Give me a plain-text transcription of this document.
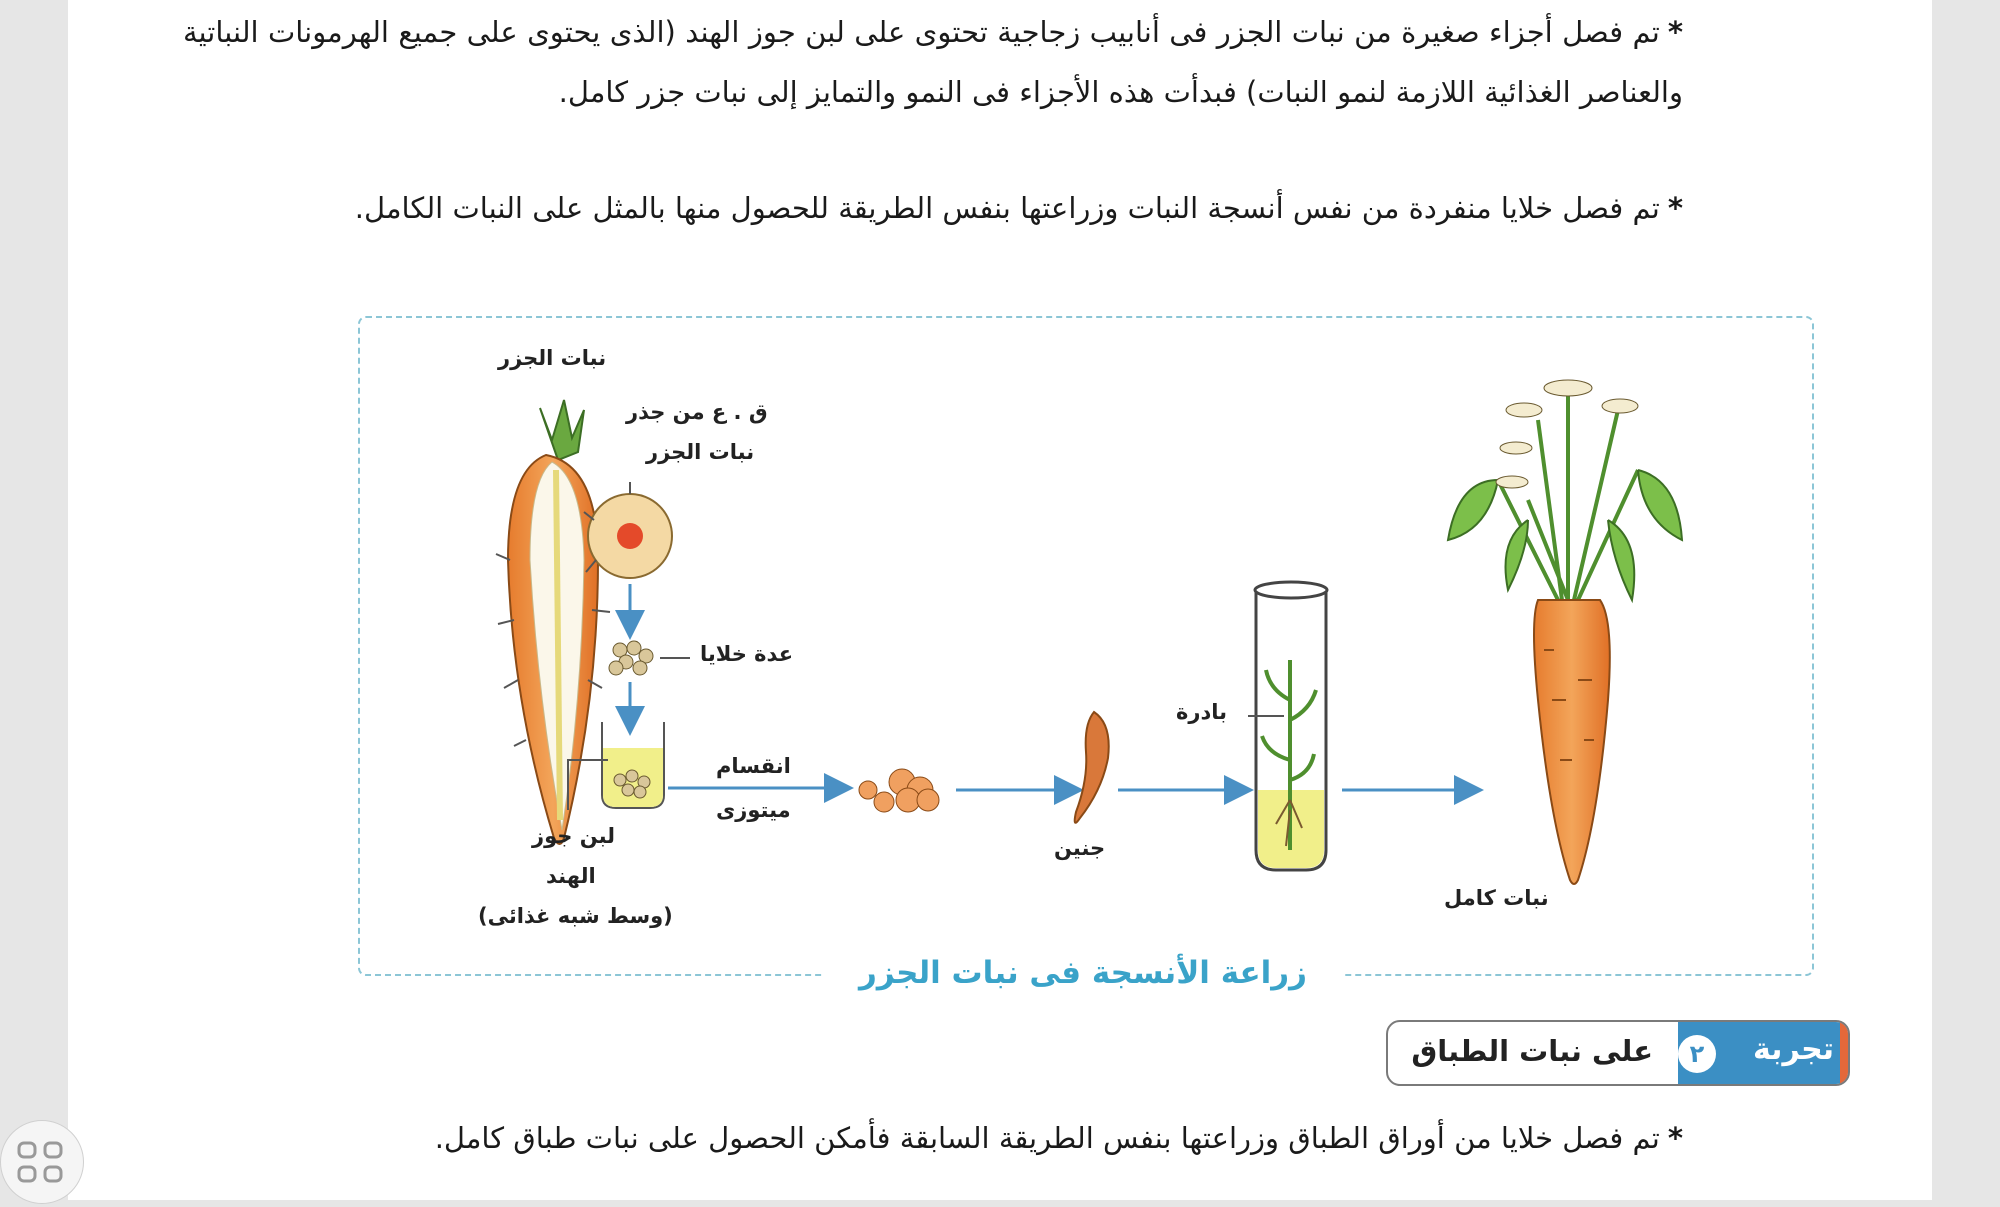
*تم فصل أجزاء صغيرة من نبات الجزر فى أنابيب زجاجية تحتوى على لبن جوز الهند (الذى يحتوى على جميع الهرمونات النباتية والعناصر الغذائية اللازمة لنمو النبات) فبدأت هذه الأجزاء فى النمو والتمايز إلى نبات جزر كامل.
*تم فصل خلايا منفردة من نفس أنسجة النبات وزراعتها بنفس الطريقة للحصول منها بالمثل على النبات الكامل.
نبات الجزر
ق . ع من جذر
نبات الجزر
عدة خلايا
انقسام
ميتوزى
لبن جوز
الهند
(وسط شبه غذائى)
جنين
بادرة
نبات كامل
زراعة الأنسجة فى نبات الجزر
تجربة
٢
على نبات الطباق
*تم فصل خلايا من أوراق الطباق وزراعتها بنفس الطريقة السابقة فأمكن الحصول على نبات طباق كامل.
